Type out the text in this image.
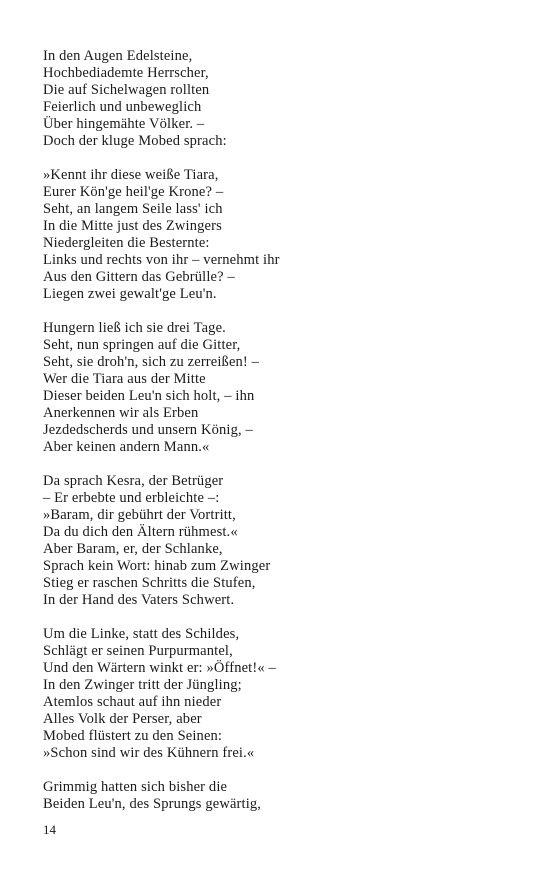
In den Augen Edelsteine,
Hochbediademte Herrscher,
Die auf Sichelwagen rollten
Feierlich und unbeweglich
Über hingemähte Völker. –
Doch der kluge Mobed sprach:
»Kennt ihr diese weiße Tiara,
Eurer Kön'ge heil'ge Krone? –
Seht, an langem Seile lass' ich
In die Mitte just des Zwingers
Niedergleiten die Besternte:
Links und rechts von ihr – vernehmt ihr
Aus den Gittern das Gebrülle? –
Liegen zwei gewalt'ge Leu'n.
Hungern ließ ich sie drei Tage.
Seht, nun springen auf die Gitter,
Seht, sie droh'n, sich zu zerreißen! –
Wer die Tiara aus der Mitte
Dieser beiden Leu'n sich holt, – ihn
Anerkennen wir als Erben
Jezdedscherds und unsern König, –
Aber keinen andern Mann.«
Da sprach Kesra, der Betrüger
– Er erbebte und erbleichte –:
»Baram, dir gebührt der Vortritt,
Da du dich den Ältern rühmest.«
Aber Baram, er, der Schlanke,
Sprach kein Wort: hinab zum Zwinger
Stieg er raschen Schritts die Stufen,
In der Hand des Vaters Schwert.
Um die Linke, statt des Schildes,
Schlägt er seinen Purpurmantel,
Und den Wärtern winkt er: »Öffnet!« –
In den Zwinger tritt der Jüngling;
Atemlos schaut auf ihn nieder
Alles Volk der Perser, aber
Mobed flüstert zu den Seinen:
»Schon sind wir des Kühnern frei.«
Grimmig hatten sich bisher die
Beiden Leu'n, des Sprungs gewärtig,
14
